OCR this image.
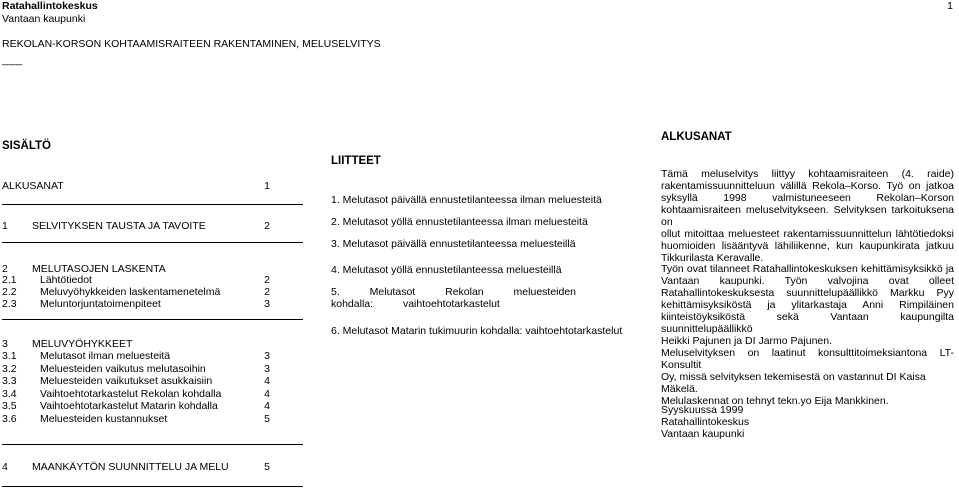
Ratahallintokeskus	1
Vantaan kaupunki
REKOLAN-KORSON KOHTAAMISRAITEEN RAKENTAMINEN, MELUSELVITYS
____
SISÄLTÖ
ALKUSANAT	1
1 SELVITYKSEN TAUSTA JA TAVOITE	2
2 MELUTASOJEN LASKENTA
2.1 Lähtötiedot	2
2.2 Meluvyöhykkeiden laskentamenetelmä	2
2.3 Meluntorjuntatoimenpiteet	3
3 MELUVYÖHYKKEET
3.1 Melutasot ilman meluesteitä	3
3.2 Meluesteiden vaikutus melutasoihin	3
3.3 Meluesteiden vaikutukset asukkaisiin	4
3.4 Vaihtoehtotarkastelut Rekolan kohdalla	4
3.5 Vaihtoehtotarkastelut Matarin kohdalla	4
3.6 Meluesteiden kustannukset	5
4 MAANKÄYTÖN SUUNNITTELU JA MELU	5
LIITTEET
1. Melutasot päivällä ennustetilanteessa ilman meluesteitä
2. Melutasot yöllä ennustetilanteessa ilman meluesteitä
3. Melutasot päivällä ennustetilanteessa meluesteillä
4. Melutasot yöllä ennustetilanteessa meluesteillä
5. Melutasot Rekolan meluesteiden kohdalla: vaihtoehtotarkastelut
6. Melutasot Matarin tukimuurin kohdalla: vaihtoehtotarkastelut
ALKUSANAT
Tämä meluselvitys liittyy kohtaamisraiteen (4. raide)
rakentamissuunnitteluun välillä Rekola–Korso. Työ on jatkoa
syksyllä 1998 valmistuneeseen Rekolan–Korson
kohtaamisraiteen meluselvitykseen. Selvityksen tarkoituksena on
ollut mitoittaa meluesteet rakentamissuunnittelun lähtötiedoksi
huomioiden lisääntyvä lähiliikenne, kun kaupunkirata jatkuu
Tikkurilasta Keravalle.
Työn ovat tilanneet Ratahallintokeskuksen kehittämisyksikkö ja
Vantaan kaupunki. Työn valvojina ovat olleet
Ratahallintokeskuksesta suunnittelupäällikkö Markku Pyy
kehittämisyksiköstä ja ylitarkastaja Anni Rimpiläinen
kiinteistöyksiköstä sekä Vantaan kaupungilta suunnittelupäällikkö
Heikki Pajunen ja DI Jarmo Pajunen.
Meluselvityksen on laatinut konsulttitoimeksiantona LT-Konsultit
Oy, missä selvityksen tekemisestä on vastannut DI Kaisa Mäkelä.
Melulaskennat on tehnyt tekn.yo Eija Mankkinen.
Syyskuussa 1999
Ratahallintokeskus
Vantaan kaupunki
